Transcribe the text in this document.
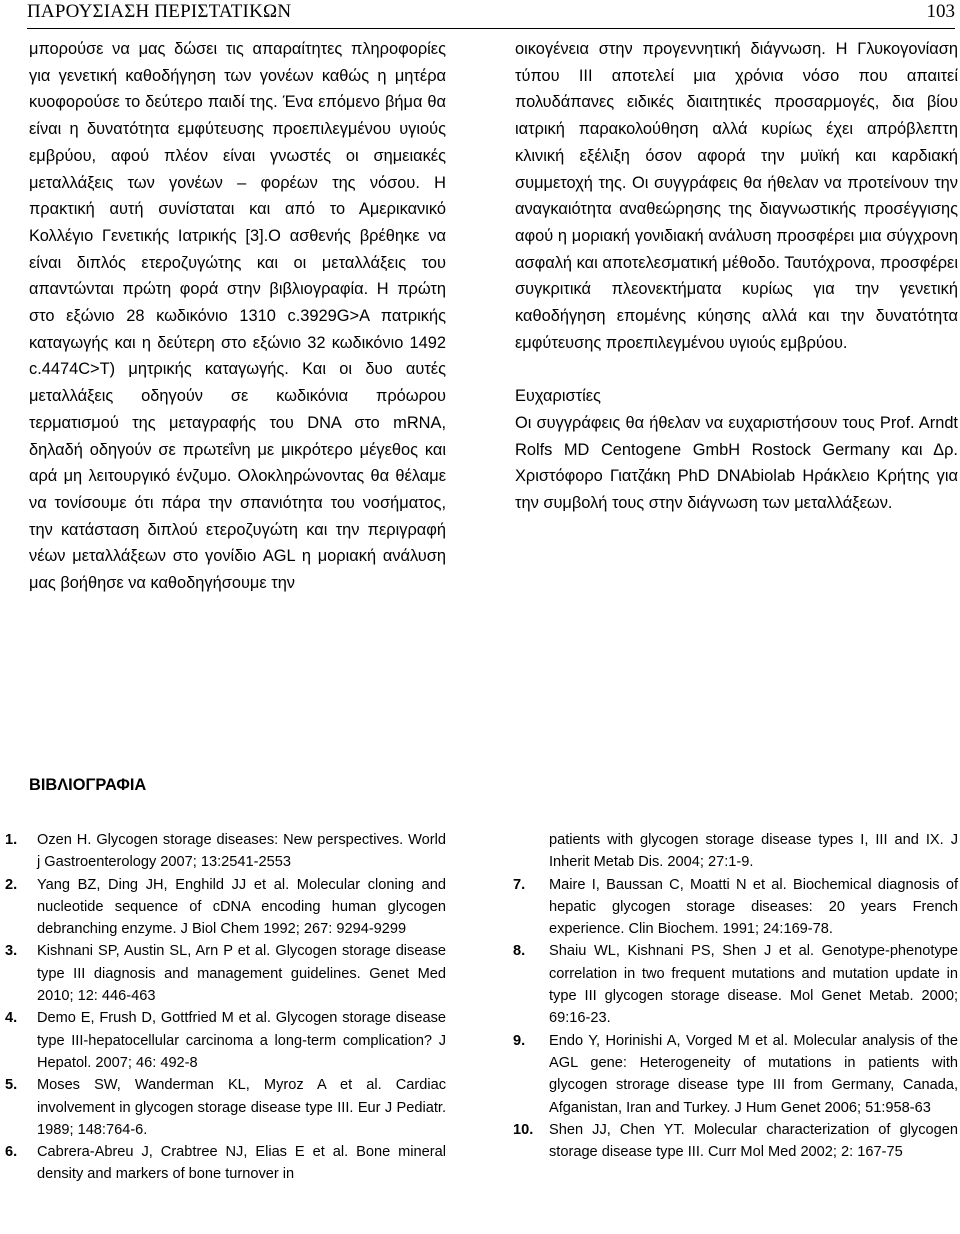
ΠΑΡΟΥΣΙΑΣΗ ΠΕΡΙΣΤΑΤΙΚΩΝ	103

μπορούσε να μας δώσει τις απαραίτητες πληροφορίες για γενετική καθοδήγηση των γονέων καθώς η μητέρα κυοφορούσε το δεύτερο παιδί της. Ένα επόμενο βήμα θα είναι η δυνατότητα εμφύτευσης προεπιλεγμένου υγιούς εμβρύου, αφού πλέον είναι γνωστές οι σημειακές μεταλλάξεις των γονέων – φορέων της νόσου. Η πρακτική αυτή συνίσταται και από το Αμερικανικό Κολλέγιο Γενετικής Ιατρικής [3].Ο ασθενής βρέθηκε να είναι διπλός ετεροζυγώτης και οι μεταλλάξεις του απαντώνται πρώτη φορά στην βιβλιογραφία. Η πρώτη στο εξώνιο 28 κωδικόνιο 1310 c.3929G>A πατρικής καταγωγής και η δεύτερη στο εξώνιο 32 κωδικόνιο 1492 c.4474C>T) μητρικής καταγωγής. Και οι δυο αυτές μεταλλάξεις οδηγούν σε κωδικόνια πρόωρου τερματισμού της μεταγραφής του DNA στο mRNA, δηλαδή οδηγούν σε πρωτεΐνη με μικρότερο μέγεθος και αρά μη λειτουργικό ένζυμο. Ολοκληρώνοντας θα θέλαμε να τονίσουμε ότι πάρα την σπανιότητα του νοσήματος, την κατάσταση διπλού ετεροζυγώτη και την περιγραφή νέων μεταλλάξεων στο γονίδιο AGL η μοριακή ανάλυση μας βοήθησε να καθοδηγήσουμε την

οικογένεια στην προγεννητική διάγνωση. Η Γλυκογονίαση τύπου ΙΙΙ αποτελεί μια χρόνια νόσο που απαιτεί πολυδάπανες ειδικές διαιτητικές προσαρμογές, δια βίου ιατρική παρακολούθηση αλλά κυρίως έχει απρόβλεπτη κλινική εξέλιξη όσον αφορά την μυϊκή και καρδιακή συμμετοχή της. Οι συγγράφεις θα ήθελαν να προτείνουν την αναγκαιότητα αναθεώρησης της διαγνωστικής προσέγγισης αφού η μοριακή γονιδιακή ανάλυση προσφέρει μια σύγχρονη ασφαλή και αποτελεσματική μέθοδο. Ταυτόχρονα, προσφέρει συγκριτικά πλεονεκτήματα κυρίως για την γενετική καθοδήγηση επομένης κύησης αλλά και την δυνατότητα εμφύτευσης προεπιλεγμένου υγιούς εμβρύου.

Ευχαριστίες

Οι συγγράφεις θα ήθελαν να ευχαριστήσουν τους Prof. Arndt Rolfs MD Centogene GmbH Rostock Germany και Δρ. Χριστόφορο Γιατζάκη PhD DNAbiolab Ηράκλειο Κρήτης για την συμβολή τους στην διάγνωση των μεταλλάξεων.

ΒΙΒΛΙΟΓΡΑΦΙΑ
1. Ozen H. Glycogen storage diseases: New perspectives. World j Gastroenterology 2007; 13:2541-2553
2. Yang BZ, Ding JH, Enghild JJ et al. Molecular cloning and nucleotide sequence of cDNA encoding human glycogen debranching enzyme. J Biol Chem 1992; 267: 9294-9299
3. Kishnani SP, Austin SL, Arn P et al. Glycogen storage disease type III diagnosis and management guidelines. Genet Med 2010; 12: 446-463
4. Demo E, Frush D, Gottfried M et al. Glycogen storage disease type III-hepatocellular carcinoma a long-term complication? J Hepatol. 2007; 46: 492-8
5. Moses SW, Wanderman KL, Myroz A et al. Cardiac involvement in glycogen storage disease type III. Eur J Pediatr. 1989; 148:764-6.
6. Cabrera-Abreu J, Crabtree NJ, Elias E et al. Bone mineral density and markers of bone turnover in
patients with glycogen storage disease types I, III and IX. J Inherit Metab Dis. 2004; 27:1-9.
7. Maire I, Baussan C, Moatti N et al. Biochemical diagnosis of hepatic glycogen storage diseases: 20 years French experience. Clin Biochem. 1991; 24:169-78.
8. Shaiu WL, Kishnani PS, Shen J et al. Genotype-phenotype correlation in two frequent mutations and mutation update in type III glycogen storage disease. Mol Genet Metab. 2000; 69:16-23.
9. Endo Y, Horinishi A, Vorged M et al. Molecular analysis of the AGL gene: Heterogeneity of mutations in patients with glycogen strorage disease type III from Germany, Canada, Afganistan, Iran and Turkey. J Hum Genet 2006; 51:958-63
10. Shen JJ, Chen YT. Molecular characterization of glycogen storage disease type III. Curr Mol Med 2002; 2: 167-75
